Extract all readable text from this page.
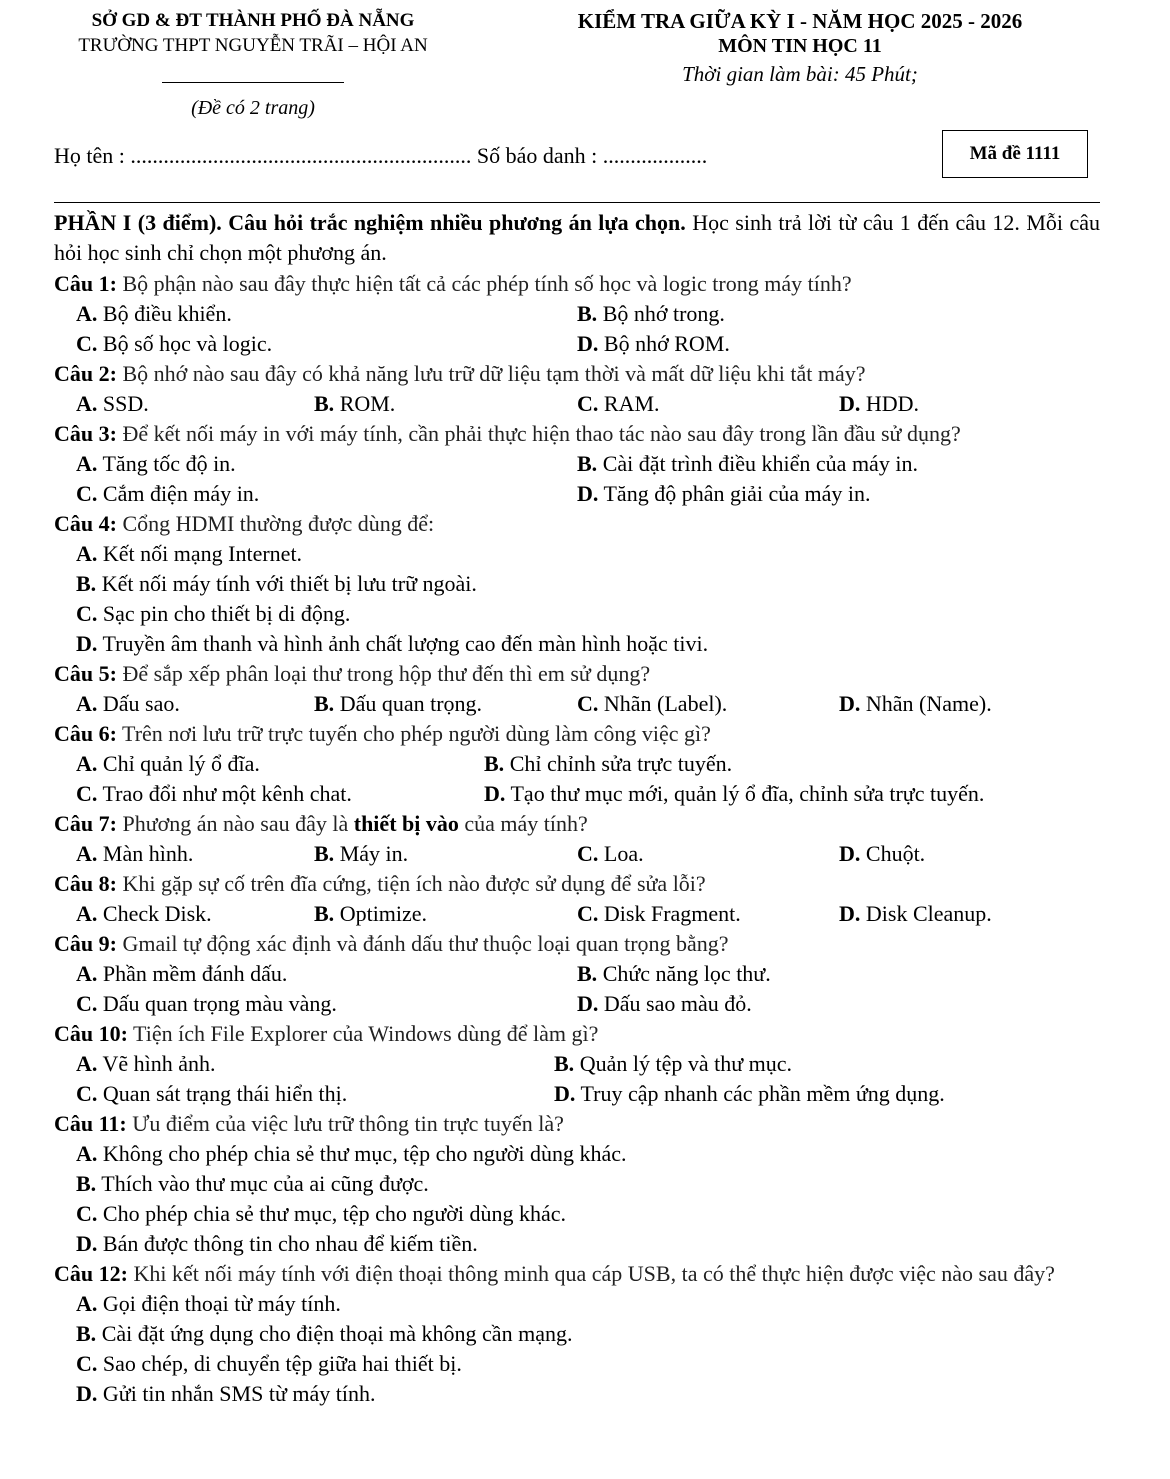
SỞ GD & ĐT THÀNH PHỐ ĐÀ NẴNG
TRƯỜNG THPT NGUYỄN TRÃI – HỘI AN
(Đề có 2 trang)
KIỂM TRA GIỮA KỲ I - NĂM HỌC 2025 - 2026
MÔN TIN HỌC 11
Thời gian làm bài: 45 Phút;
Họ tên : .............................................................. Số báo danh : ...................	Mã đề 1111
PHẦN I (3 điểm). Câu hỏi trắc nghiệm nhiều phương án lựa chọn. Học sinh trả lời từ câu 1 đến câu 12. Mỗi câu hỏi học sinh chỉ chọn một phương án.
Câu 1: Bộ phận nào sau đây thực hiện tất cả các phép tính số học và logic trong máy tính?
A. Bộ điều khiển.	B. Bộ nhớ trong.
C. Bộ số học và logic.	D. Bộ nhớ ROM.
Câu 2: Bộ nhớ nào sau đây có khả năng lưu trữ dữ liệu tạm thời và mất dữ liệu khi tắt máy?
A. SSD.	B. ROM.	C. RAM.	D. HDD.
Câu 3: Để kết nối máy in với máy tính, cần phải thực hiện thao tác nào sau đây trong lần đầu sử dụng?
A. Tăng tốc độ in.	B. Cài đặt trình điều khiển của máy in.
C. Cắm điện máy in.	D. Tăng độ phân giải của máy in.
Câu 4: Cổng HDMI thường được dùng để:
A. Kết nối mạng Internet.
B. Kết nối máy tính với thiết bị lưu trữ ngoài.
C. Sạc pin cho thiết bị di động.
D. Truyền âm thanh và hình ảnh chất lượng cao đến màn hình hoặc tivi.
Câu 5: Để sắp xếp phân loại thư trong hộp thư đến thì em sử dụng?
A. Dấu sao.	B. Dấu quan trọng.	C. Nhãn (Label).	D. Nhãn (Name).
Câu 6: Trên nơi lưu trữ trực tuyến cho phép người dùng làm công việc gì?
A. Chỉ quản lý ổ đĩa.	B. Chỉ chỉnh sửa trực tuyến.
C. Trao đổi như một kênh chat.	D. Tạo thư mục mới, quản lý ổ đĩa, chỉnh sửa trực tuyến.
Câu 7: Phương án nào sau đây là thiết bị vào của máy tính?
A. Màn hình.	B. Máy in.	C. Loa.	D. Chuột.
Câu 8: Khi gặp sự cố trên đĩa cứng, tiện ích nào được sử dụng để sửa lỗi?
A. Check Disk.	B. Optimize.	C. Disk Fragment.	D. Disk Cleanup.
Câu 9: Gmail tự động xác định và đánh dấu thư thuộc loại quan trọng bằng?
A. Phần mềm đánh dấu.	B. Chức năng lọc thư.
C. Dấu quan trọng màu vàng.	D. Dấu sao màu đỏ.
Câu 10: Tiện ích File Explorer của Windows dùng để làm gì?
A. Vẽ hình ảnh.	B. Quản lý tệp và thư mục.
C. Quan sát trạng thái hiển thị.	D. Truy cập nhanh các phần mềm ứng dụng.
Câu 11: Ưu điểm của việc lưu trữ thông tin trực tuyến là?
A. Không cho phép chia sẻ thư mục, tệp cho người dùng khác.
B. Thích vào thư mục của ai cũng được.
C. Cho phép chia sẻ thư mục, tệp cho người dùng khác.
D. Bán được thông tin cho nhau để kiếm tiền.
Câu 12: Khi kết nối máy tính với điện thoại thông minh qua cáp USB, ta có thể thực hiện được việc nào sau đây?
A. Gọi điện thoại từ máy tính.
B. Cài đặt ứng dụng cho điện thoại mà không cần mạng.
C. Sao chép, di chuyển tệp giữa hai thiết bị.
D. Gửi tin nhắn SMS từ máy tính.
